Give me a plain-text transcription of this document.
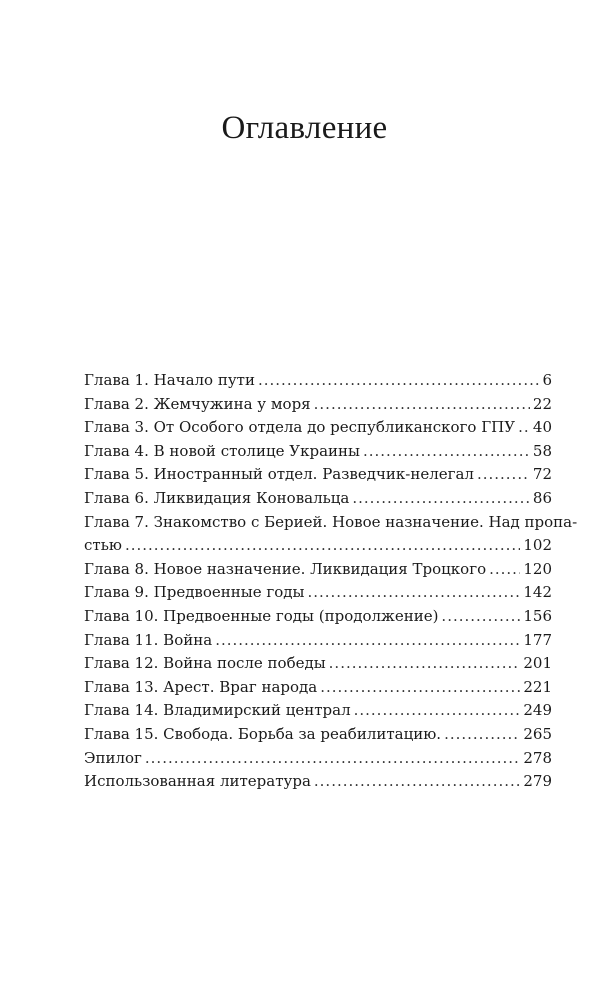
Оглавление
Глава 1. Начало пути .....	6
Глава 2. Жемчужина у моря .....	22
Глава 3. От Особого отдела до республиканского ГПУ ..... 40
Глава 4. В новой столице Украины .....	58
Глава 5. Иностранный отдел. Разведчик-нелегал .....	72
Глава 6. Ликвидация Коновальца .....	86
Глава 7. Знакомство с Берией. Новое назначение. Над пропа-
стью .....	102
Глава 8. Новое назначение. Ликвидация Троцкого ..... 120
Глава 9. Предвоенные годы .....	142
Глава 10. Предвоенные годы (продолжение) .....	156
Глава 11. Война .....	177
Глава 12. Война после победы .....	201
Глава 13. Арест. Враг народа .....	221
Глава 14. Владимирский централ .....	249
Глава 15. Свобода. Борьба за реабилитацию. .....	265
Эпилог .....	278
Использованная литература .....	279
